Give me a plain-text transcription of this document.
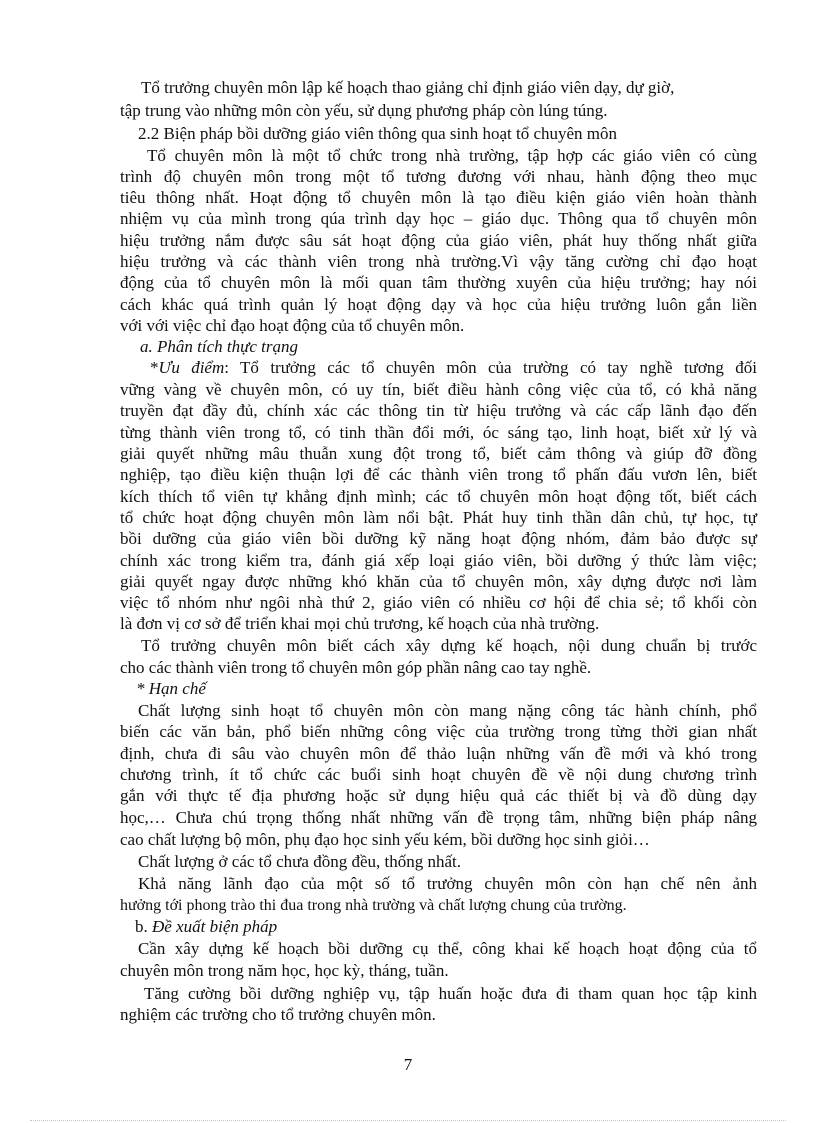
Tổ trưởng chuyên môn lập kế hoạch thao giảng chỉ định giáo viên dạy, dự giờ,
tập trung vào những môn còn yếu, sử dụng phương pháp còn lúng túng.
2.2 Biện pháp bồi dưỡng giáo viên thông qua sinh hoạt tổ chuyên môn
Tổ chuyên môn là một tổ chức trong nhà trường, tập hợp các giáo viên có cùng
trình độ chuyên môn trong một tổ tương đương với nhau, hành động theo mục
tiêu thông nhất. Hoạt động tổ chuyên môn là tạo điều kiện giáo viên hoàn thành
nhiệm vụ của mình trong qúa trình dạy học – giáo dục. Thông qua tổ chuyên môn
hiệu trưởng nắm được sâu sát hoạt động của giáo viên, phát huy thống nhất giữa
hiệu trưởng và các thành viên trong nhà trường.Vì vậy tăng cường chỉ đạo hoạt
động của tổ chuyên môn là mối quan tâm thường xuyên của hiệu trưởng; hay nói
cách khác quá trình quản lý hoạt động dạy và học của hiệu trưởng luôn gắn liền
với với việc chỉ đạo hoạt động của tổ chuyên môn.
a. Phân tích thực trạng
*Ưu điểm: Tổ trưởng các tổ chuyên môn của trường có tay nghề tương đối
vững vàng về chuyên môn, có uy tín, biết điều hành công việc của tổ, có khả năng
truyền đạt đầy đủ, chính xác các thông tin từ hiệu trưởng và các cấp lãnh đạo đến
từng thành viên trong tổ, có tinh thần đổi mới, óc sáng tạo, linh hoạt, biết xử lý và
giải quyết những mâu thuẫn xung đột trong tổ, biết cảm thông và giúp đỡ đồng
nghiệp, tạo điều kiện thuận lợi để các thành viên trong tổ phấn đấu vươn lên, biết
kích thích tổ viên tự khẳng định mình; các tổ chuyên môn hoạt động tốt, biết cách
tổ chức hoạt động chuyên môn làm nổi bật. Phát huy tinh thần dân chủ, tự học, tự
bồi dưỡng của giáo viên bồi dưỡng kỹ năng hoạt động nhóm, đảm bảo được sự
chính xác trong kiểm tra, đánh giá xếp loại giáo viên, bồi dưỡng ý thức làm việc;
giải quyết ngay được những khó khăn của tổ chuyên môn, xây dựng được nơi làm
việc tổ nhóm như ngôi nhà thứ 2, giáo viên có nhiều cơ hội để chia sẻ; tổ khối còn
là đơn vị cơ sở để triển khai mọi chủ trương, kế hoạch của nhà trường.
Tổ trưởng chuyên môn biết cách xây dựng kế hoạch, nội dung chuẩn bị trước
cho các thành viên trong tổ chuyên môn góp phần nâng cao tay nghề.
* Hạn chế
Chất lượng sinh hoạt tổ chuyên môn còn mang nặng công tác hành chính, phổ
biến các văn bản, phổ biến những công việc của trường trong từng thời gian nhất
định, chưa đi sâu vào chuyên môn để thảo luận những vấn đề mới và khó trong
chương trình, ít tổ chức các buổi sinh hoạt chuyên đề về nội dung chương trình
gắn với thực tế địa phương hoặc sử dụng hiệu quả các thiết bị và đồ dùng dạy
học,… Chưa chú trọng thống nhất những vấn đề trọng tâm, những biện pháp nâng
cao chất lượng bộ môn, phụ đạo học sinh yếu kém, bồi dưỡng học sinh giỏi…
Chất lượng ở các tổ chưa đồng đều, thống nhất.
Khả năng lãnh đạo của một số tổ trưởng chuyên môn còn hạn chế nên ảnh
hưởng tới phong trào thi đua trong nhà trường và chất lượng chung của trường.
b. Đề xuất biện pháp
Cần xây dựng kế hoạch bồi dưỡng cụ thể, công khai kế hoạch hoạt động của tổ
chuyên môn trong năm học, học kỳ, tháng, tuần.
Tăng cường bồi dưỡng nghiệp vụ, tập huấn hoặc đưa đi tham quan học tập kinh
nghiệm các trường cho tổ trưởng chuyên môn.
7
